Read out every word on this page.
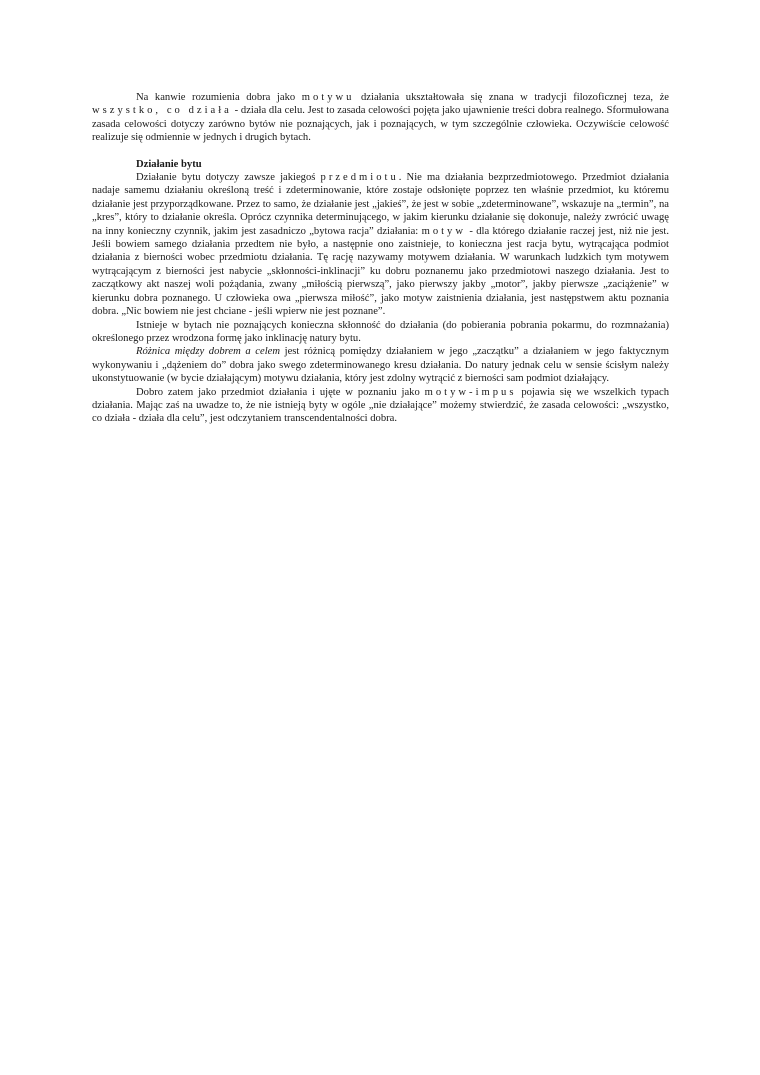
Na kanwie rozumienia dobra jako motywu działania ukształtowała się znana w tradycji filozoficznej teza, że wszystko, co działa - działa dla celu. Jest to zasada celowości pojęta jako ujawnienie treści dobra realnego. Sformułowana zasada celowości dotyczy zarówno bytów nie poznających, jak i poznających, w tym szczególnie człowieka. Oczywiście celowość realizuje się odmiennie w jednych i drugich bytach.

Działanie bytu

Działanie bytu dotyczy zawsze jakiegoś przedmiotu. Nie ma działania bezprzedmiotowego. Przedmiot działania nadaje samemu działaniu określoną treść i zdeterminowanie, które zostaje odsłonięte poprzez ten właśnie przedmiot, ku któremu działanie jest przyporządkowane. Przez to samo, że działanie jest „jakieś”, że jest w sobie „zdeterminowane”, wskazuje na „termin”, na „kres”, który to działanie określa. Oprócz czynnika determinującego, w jakim kierunku działanie się dokonuje, należy zwrócić uwagę na inny konieczny czynnik, jakim jest zasadniczo „bytowa racja” działania: motyw - dla którego działanie raczej jest, niż nie jest. Jeśli bowiem samego działania przedtem nie było, a następnie ono zaistnieje, to konieczna jest racja bytu, wytrącająca podmiot działania z bierności wobec przedmiotu działania. Tę rację nazywamy motywem działania. W warunkach ludzkich tym motywem wytrącającym z bierności jest nabycie „skłonności-inklinacji” ku dobru poznanemu jako przedmiotowi naszego działania. Jest to zaczątkowy akt naszej woli pożądania, zwany „miłością pierwszą”, jako pierwszy jakby „motor”, jakby pierwsze „zaciążenie” w kierunku dobra poznanego. U człowieka owa „pierwsza miłość”, jako motyw zaistnienia działania, jest następstwem aktu poznania dobra. „Nic bowiem nie jest chciane - jeśli wpierw nie jest poznane”.

Istnieje w bytach nie poznających konieczna skłonność do działania (do pobierania pobrania pokarmu, do rozmnażania) określonego przez wrodzona formę jako inklinację natury bytu.

Różnica między dobrem a celem jest różnicą pomiędzy działaniem w jego „zaczątku” a działaniem w jego faktycznym wykonywaniu i „dążeniem do” dobra jako swego zdeterminowanego kresu działania. Do natury jednak celu w sensie ścisłym należy ukonstytuowanie (w bycie działającym) motywu działania, który jest zdolny wytrącić z bierności sam podmiot działający.

Dobro zatem jako przedmiot działania i ujęte w poznaniu jako motyw-impus pojawia się we wszelkich typach działania. Mając zaś na uwadze to, że nie istnieją byty w ogóle „nie działające” możemy stwierdzić, że zasada celowości: „wszystko, co działa - działa dla celu”, jest odczytaniem transcendentalności dobra.
